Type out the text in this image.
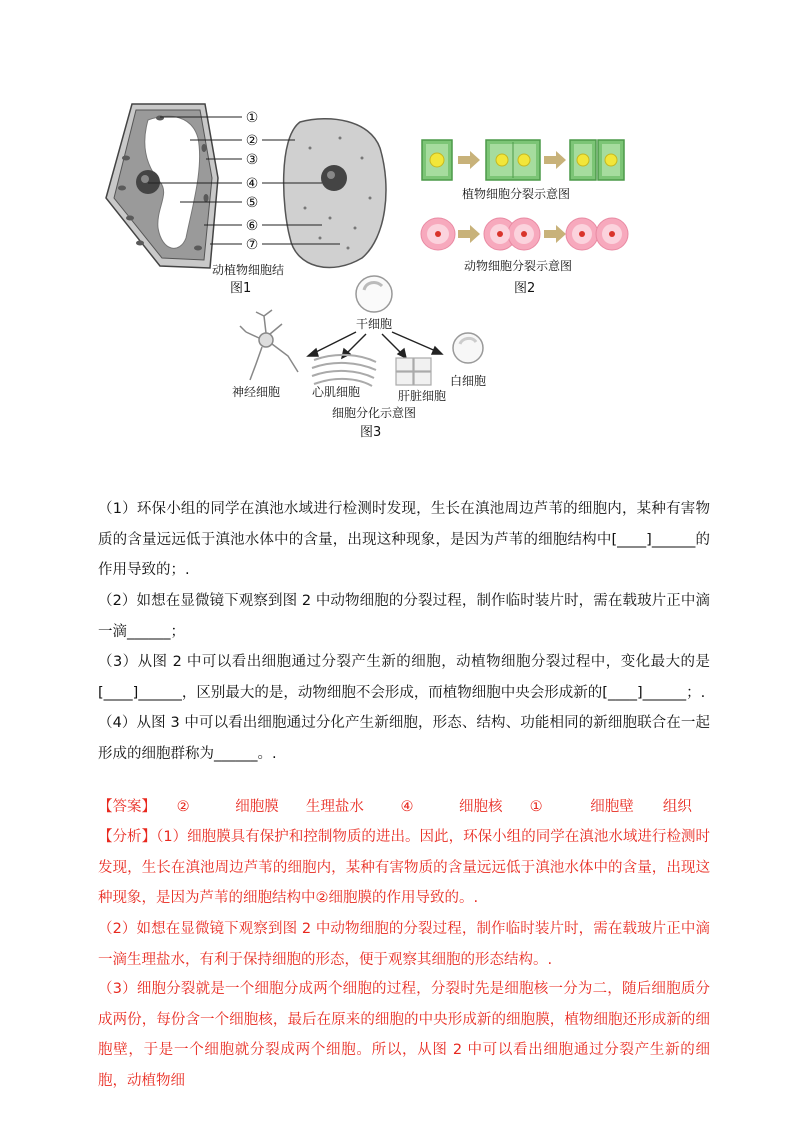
①
②
③
④
⑤
⑥
⑦
动植物细胞结
图1
植物细胞分裂示意图
动物细胞分裂示意图
图2
干细胞
神经细胞	心肌细胞	肝脏细胞
白细胞
细胞分化示意图
图3

（1）环保小组的同学在滇池水域进行检测时发现，生长在滇池周边芦苇的细胞内，某种有害物质的含量远远低于滇池水体中的含量，出现这种现象，是因为芦苇的细胞结构中[____]______的作用导致的；.

（2）如想在显微镜下观察到图 2 中动物细胞的分裂过程，制作临时装片时，需在载玻片正中滴一滴______；

（3）从图 2 中可以看出细胞通过分裂产生新的细胞，动植物细胞分裂过程中，变化最大的是[____]______，区别最大的是，动物细胞不会形成，而植物细胞中央会形成新的[____]______；.

（4）从图 3 中可以看出细胞通过分化产生新细胞，形态、结构、功能相同的新细胞联合在一起形成的细胞群称为______。.

【答案】 ②	细胞膜 生理盐水	④	细胞核 ①	细胞壁 组织

【分析】（1）细胞膜具有保护和控制物质的进出。因此，环保小组的同学在滇池水域进行检测时发现，生长在滇池周边芦苇的细胞内，某种有害物质的含量远远低于滇池水体中的含量，出现这种现象，是因为芦苇的细胞结构中②细胞膜的作用导致的。.

（2）如想在显微镜下观察到图 2 中动物细胞的分裂过程，制作临时装片时，需在载玻片正中滴一滴生理盐水，有利于保持细胞的形态，便于观察其细胞的形态结构。.

（3）细胞分裂就是一个细胞分成两个细胞的过程，分裂时先是细胞核一分为二，随后细胞质分成两份，每份含一个细胞核，最后在原来的细胞的中央形成新的细胞膜，植物细胞还形成新的细胞壁，于是一个细胞就分裂成两个细胞。所以，从图 2 中可以看出细胞通过分裂产生新的细胞，动植物细
